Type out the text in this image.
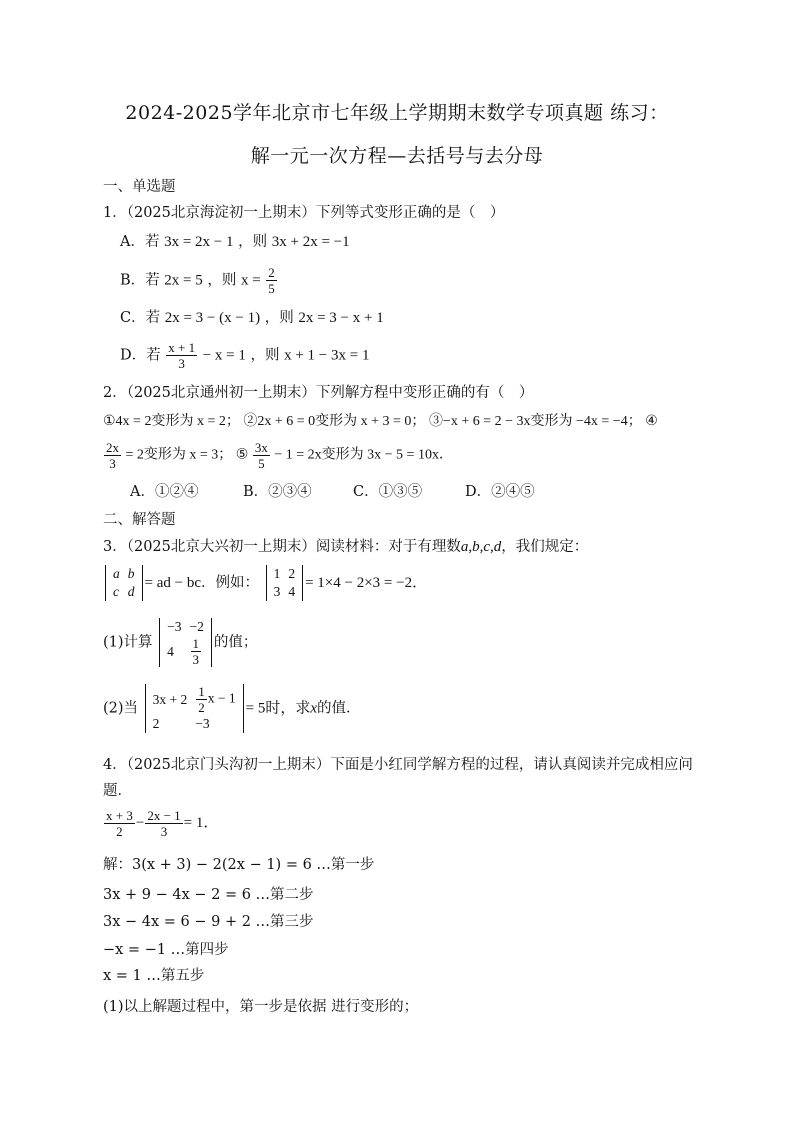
2024-2025学年北京市七年级上学期期末数学专项真题 练习：
解一元一次方程—去括号与去分母
一、单选题
1．（2025北京海淀初一上期末）下列等式变形正确的是（　）
A．若 3x = 2x − 1 ，则 3x + 2x = −1
B．若 2x = 5 ，则 $x = \frac{2}{5}$
C．若 2x = 3 − (x − 1) ，则 2x = 3 − x + 1
D．若 $\frac{x + 1}{3} - x = 1$ ，则 x + 1 − 3x = 1
2．（2025北京通州初一上期末）下列解方程中变形正确的有（　）
①4x = 2变形为 x = 2； ②2x + 6 = 0变形为 x + 3 = 0； ③−x + 6 = 2 − 3x变形为 −4x = −4； ④
$\frac{2x}{3} = 2$变形为 x = 3； ⑤ $\frac{3x}{5} - 1 = 2x$变形为 3x − 5 = 10x．
A．①②④	B．②③④	C．①③⑤	D．②④⑤
二、解答题
3．（2025北京大兴初一上期末）阅读材料：对于有理数a,b,c,d，我们规定：
a	b
c	d
= ad − bc．例如：
1	2
3	4
= 1×4 − 2×3 = −2．
(1)计算
−3	−2
4	$\frac{1}{3}$ 的值；
(2)当
3x + 2	$\frac{1}{2}$ x − 1
2	−3
= 5时，求x的值．
4．（2025北京门头沟初一上期末）下面是小红同学解方程的过程，请认真阅读并完成相应问
题．
$\frac{x + 3}{2} - \frac{2x - 1}{3} = 1$．
解：3(x + 3) − 2(2x − 1) = 6 …第一步
3x + 9 − 4x − 2 = 6 …第二步
3x − 4x = 6 − 9 + 2 …第三步
−x = −1 …第四步
x = 1 …第五步
(1)以上解题过程中，第一步是依据 进行变形的；
